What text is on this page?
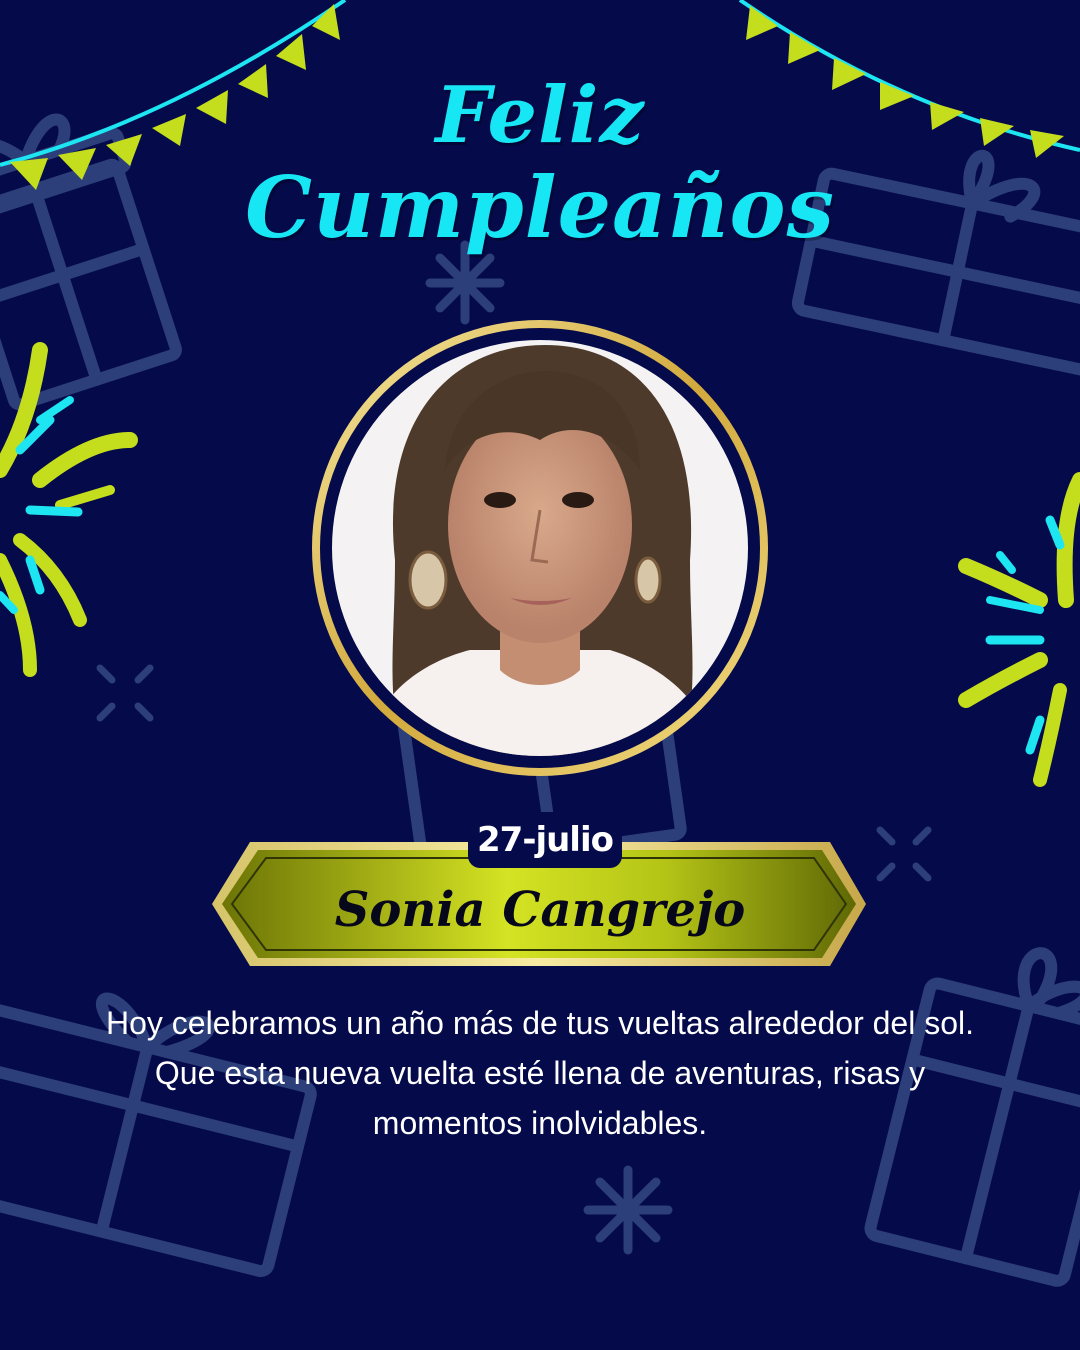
Feliz
Cumpleaños
27-julio
Sonia Cangrejo
Hoy celebramos un año más de tus vueltas alrededor del sol. Que esta nueva vuelta esté llena de aventuras, risas y momentos inolvidables.
